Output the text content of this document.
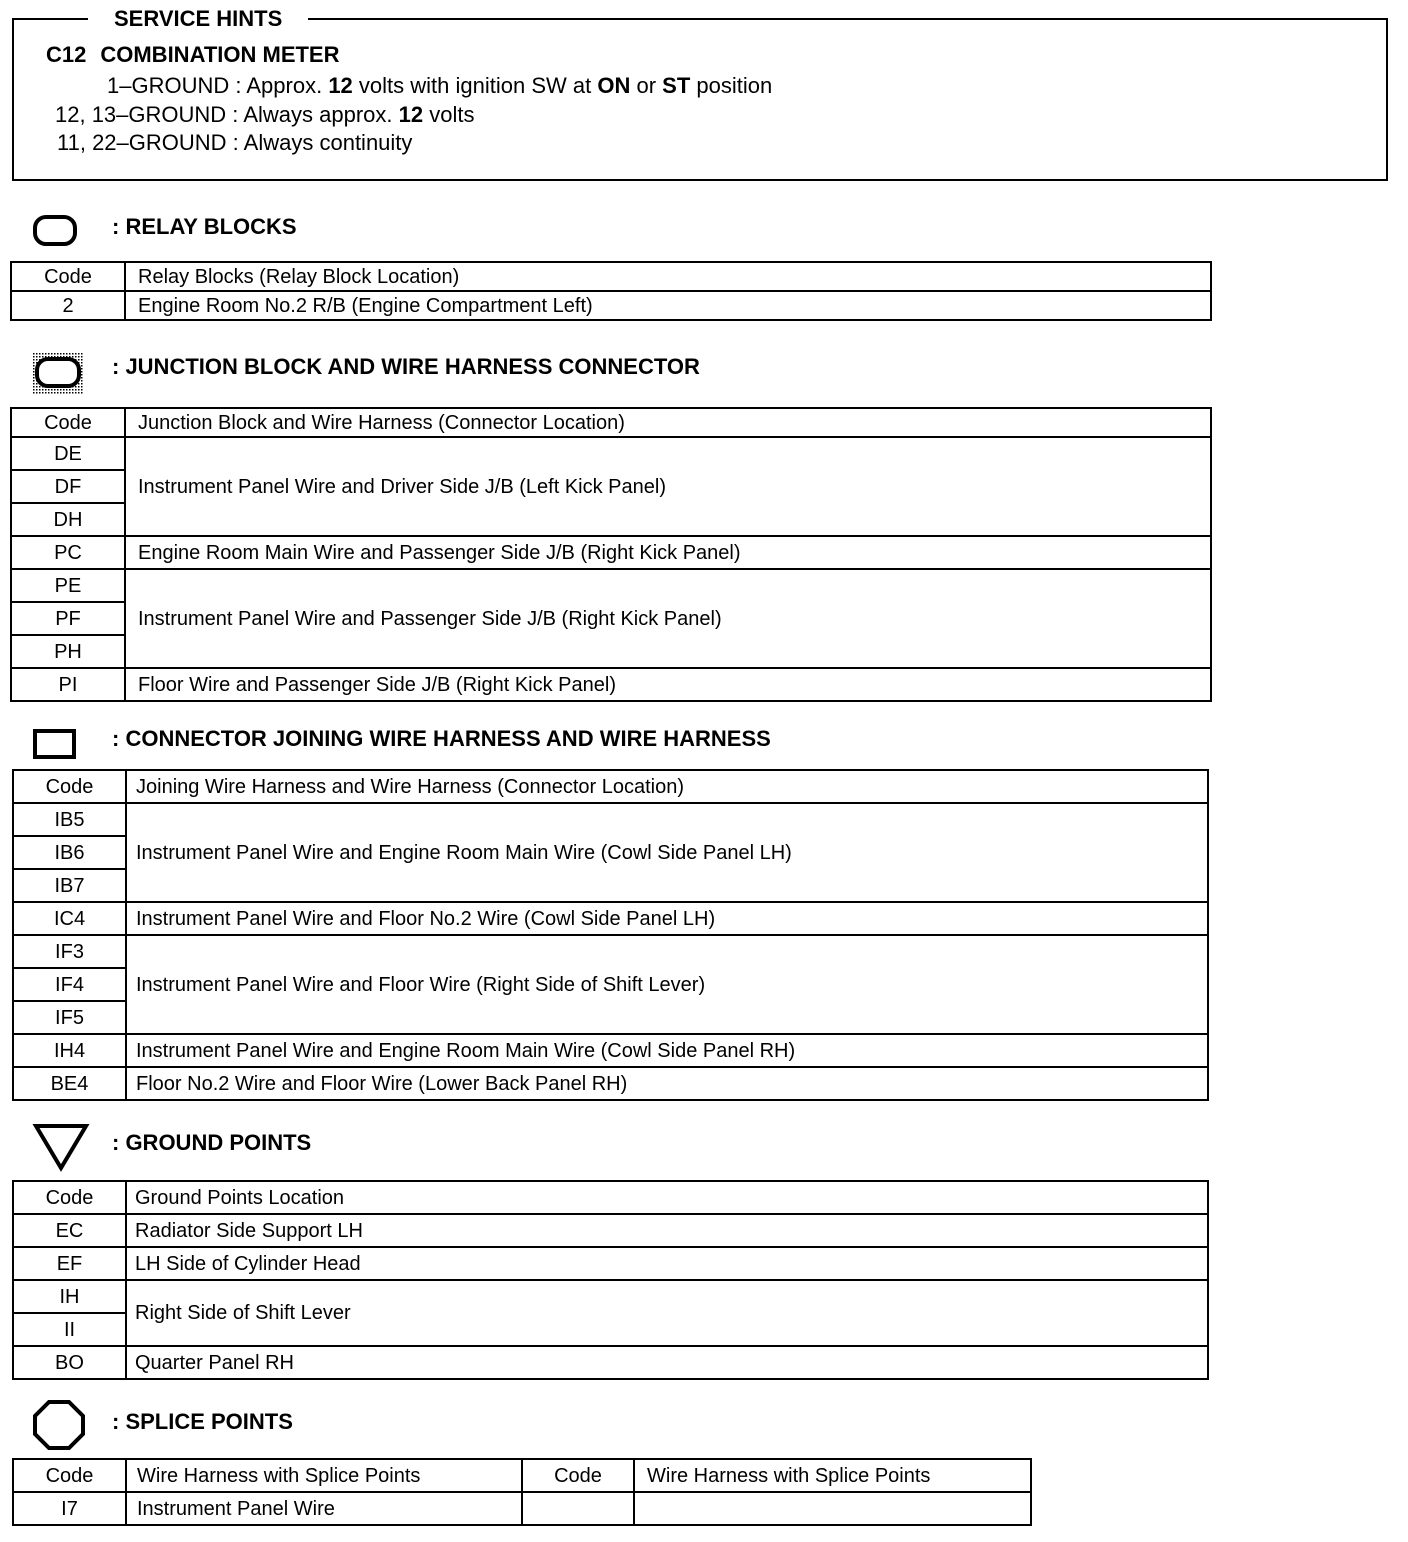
SERVICE HINTS
C12 COMBINATION METER
1–GROUND : Approx. 12 volts with ignition SW at ON or ST position
12, 13–GROUND : Always approx. 12 volts
11, 22–GROUND : Always continuity
: RELAY BLOCKS
Code	Relay Blocks (Relay Block Location)
2	Engine Room No.2 R/B (Engine Compartment Left)
: JUNCTION BLOCK AND WIRE HARNESS CONNECTOR
Code	Junction Block and Wire Harness (Connector Location)
DE	Instrument Panel Wire and Driver Side J/B (Left Kick Panel)
DF	
DH	
PC	Engine Room Main Wire and Passenger Side J/B (Right Kick Panel)
PE	Instrument Panel Wire and Passenger Side J/B (Right Kick Panel)
PF	
PH	
PI	Floor Wire and Passenger Side J/B (Right Kick Panel)
: CONNECTOR JOINING WIRE HARNESS AND WIRE HARNESS
Code	Joining Wire Harness and Wire Harness (Connector Location)
IB5	Instrument Panel Wire and Engine Room Main Wire (Cowl Side Panel LH)
IB6	
IB7	
IC4	Instrument Panel Wire and Floor No.2 Wire (Cowl Side Panel LH)
IF3	Instrument Panel Wire and Floor Wire (Right Side of Shift Lever)
IF4	
IF5	
IH4	Instrument Panel Wire and Engine Room Main Wire (Cowl Side Panel RH)
BE4	Floor No.2 Wire and Floor Wire (Lower Back Panel RH)
: GROUND POINTS
Code	Ground Points Location
EC	Radiator Side Support LH
EF	LH Side of Cylinder Head
IH	Right Side of Shift Lever
II	
BO	Quarter Panel RH
: SPLICE POINTS
Code	Wire Harness with Splice Points	Code	Wire Harness with Splice Points
I7	Instrument Panel Wire		
